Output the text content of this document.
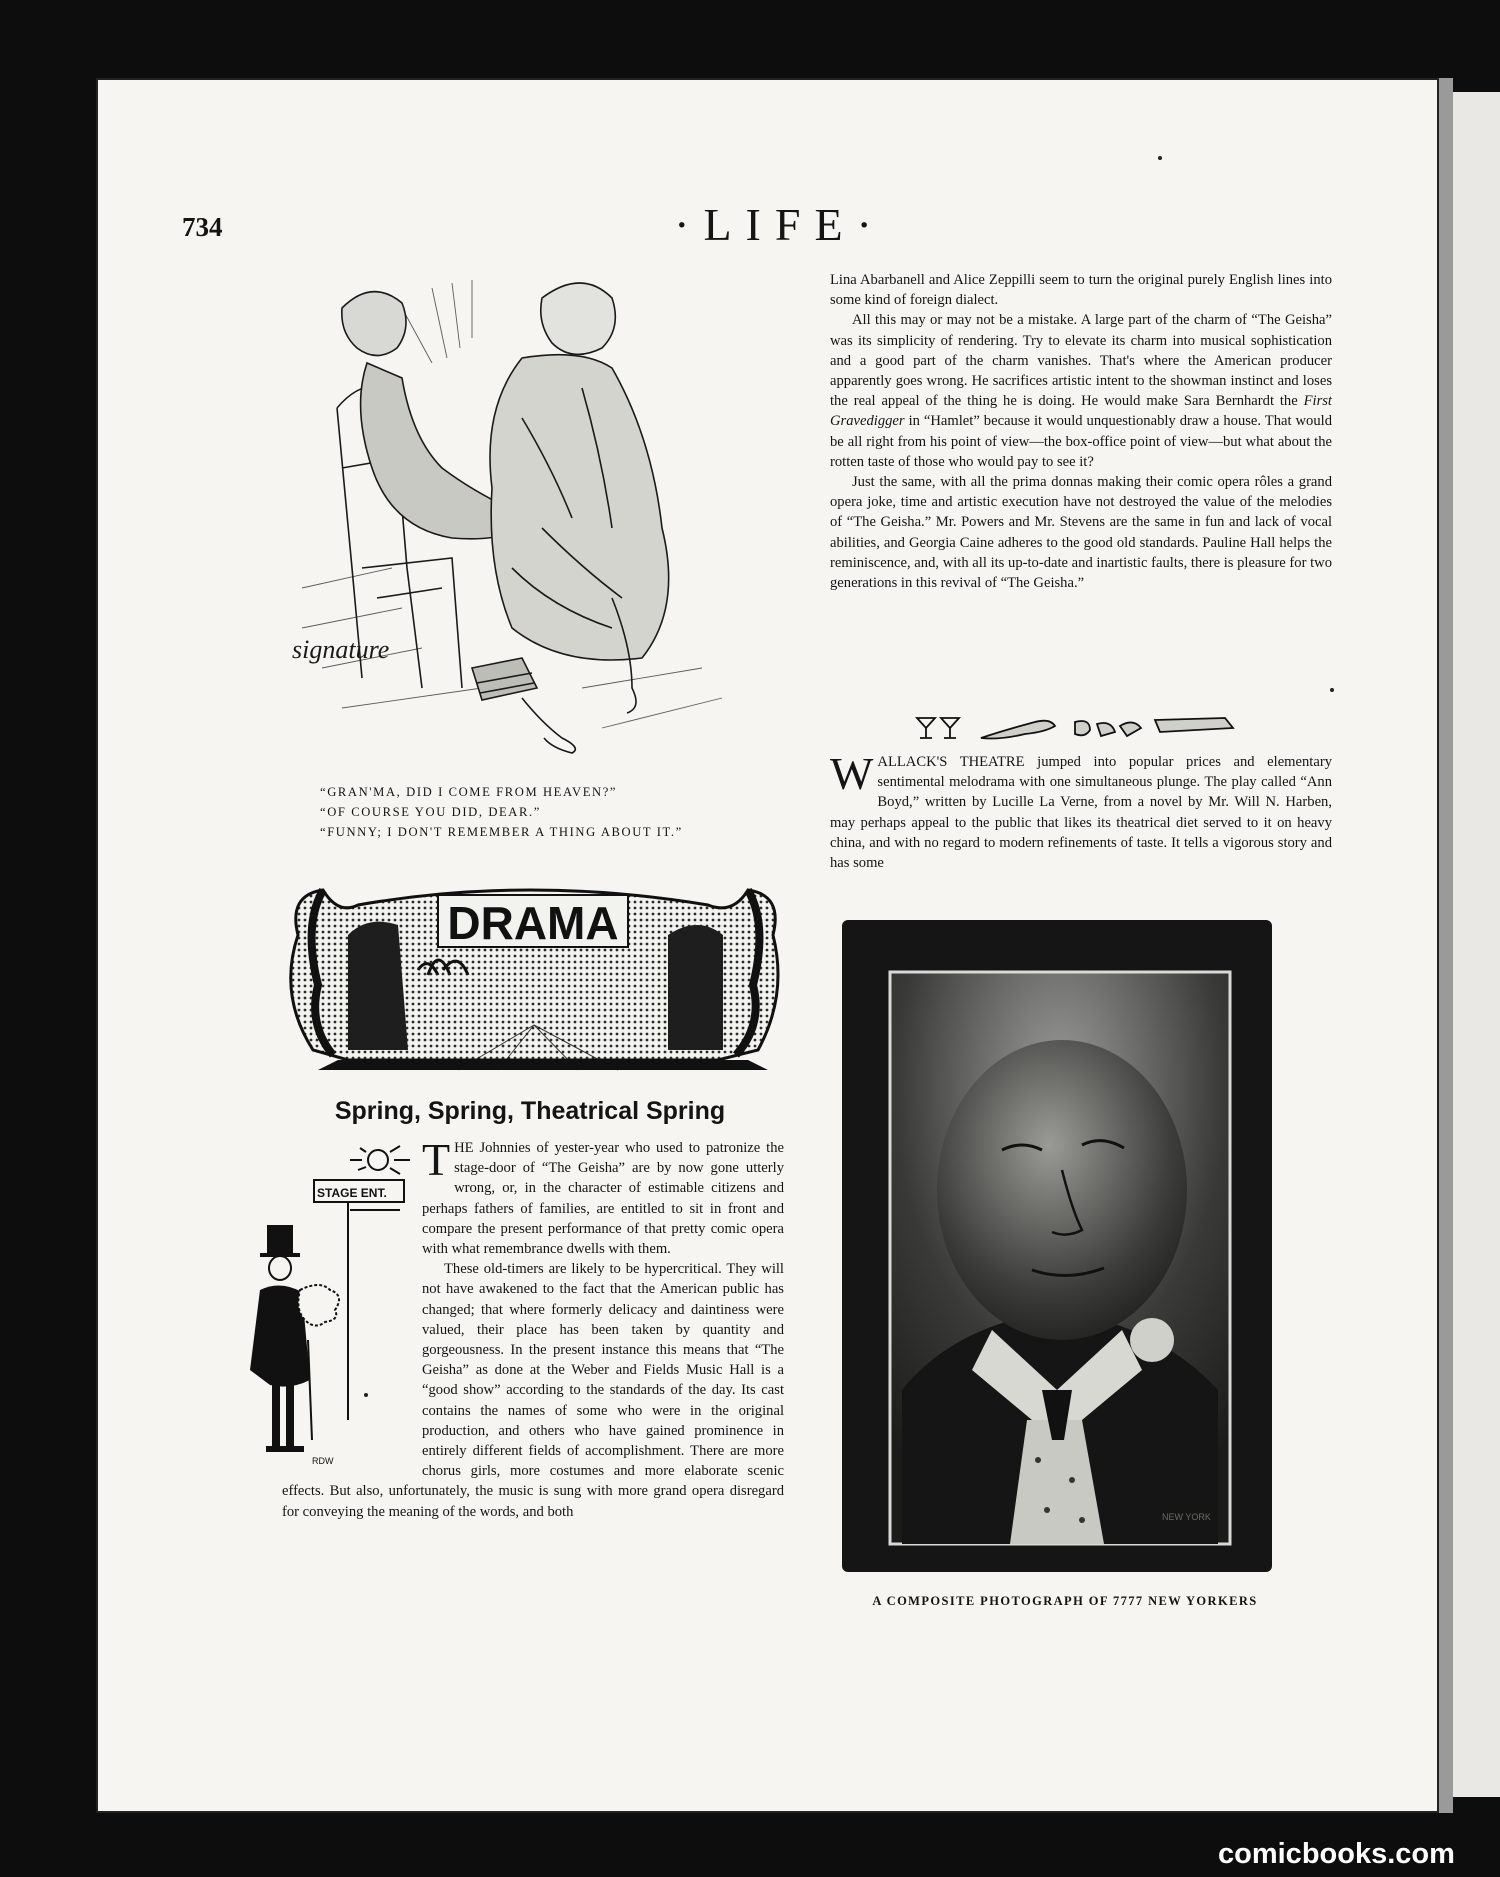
734	·LIFE·
signature
“GRAN'MA, DID I COME FROM HEAVEN?”
“OF COURSE YOU DID, DEAR.”
“FUNNY; I DON'T REMEMBER A THING ABOUT IT.”
DRAMA
Spring, Spring, Theatrical Spring
STAGE ENT.
RDW

THE Johnnies of yester-year who used to patronize the stage-door of “The Geisha” are by now gone utterly wrong, or, in the character of estimable citizens and perhaps fathers of families, are entitled to sit in front and compare the present performance of that pretty comic opera with what remembrance dwells with them.

These old-timers are likely to be hypercritical. They will not have awakened to the fact that the American public has changed; that where formerly delicacy and daintiness were valued, their place has been taken by quantity and gorgeousness. In the present instance this means that “The Geisha” as done at the Weber and Fields Music Hall is a “good show” according to the standards of the day. Its cast contains the names of some who were in the original production, and others who have gained prominence in entirely different fields of accomplishment. There are more chorus girls, more costumes and more elaborate scenic effects. But also, unfortunately, the music is sung with more grand opera disregard for conveying the meaning of the words, and both

Lina Abarbanell and Alice Zeppilli seem to turn the original purely English lines into some kind of foreign dialect.

All this may or may not be a mistake. A large part of the charm of “The Geisha” was its simplicity of rendering. Try to elevate its charm into musical sophistication and a good part of the charm vanishes. That's where the American producer apparently goes wrong. He sacrifices artistic intent to the showman instinct and loses the real appeal of the thing he is doing. He would make Sara Bernhardt the First Gravedigger in “Hamlet” because it would unquestionably draw a house. That would be all right from his point of view—the box-office point of view—but what about the rotten taste of those who would pay to see it?

Just the same, with all the prima donnas making their comic opera rôles a grand opera joke, time and artistic execution have not destroyed the value of the melodies of “The Geisha.” Mr. Powers and Mr. Stevens are the same in fun and lack of vocal abilities, and Georgia Caine adheres to the good old standards. Pauline Hall helps the reminiscence, and, with all its up-to-date and inartistic faults, there is pleasure for two generations in this revival of “The Geisha.”

WALLACK'S THEATRE jumped into popular prices and elementary sentimental melodrama with one simultaneous plunge. The play called “Ann Boyd,” written by Lucille La Verne, from a novel by Mr. Will N. Harben, may perhaps appeal to the public that likes its theatrical diet served to it on heavy china, and with no regard to modern refinements of taste. It tells a vigorous story and has some

NEW YORK
A COMPOSITE PHOTOGRAPH OF 7777 NEW YORKERS
comicbooks.com
